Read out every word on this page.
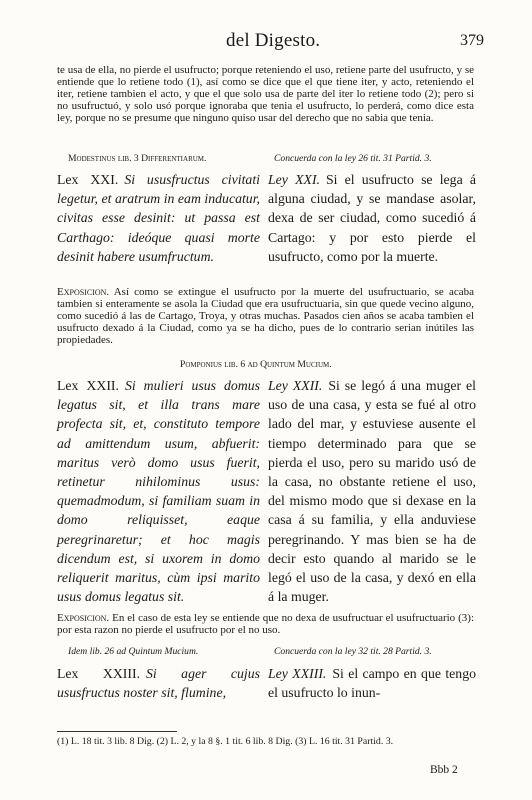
del Digesto.	379

te usa de ella, no pierde el usufructo; porque reteniendo el uso, retiene parte del usufructo, y se entiende que lo retiene todo (1), así como se dice que el que tiene iter, y acto, reteniendo el iter, retiene tambien el acto, y que el que solo usa de parte del iter lo retiene todo (2); pero si no usufructuó, y solo usó porque ignoraba que tenia el usufructo, lo perderá, como dice esta ley, porque no se presume que ninguno quiso usar del derecho que no sabia que tenia.

Modestinus lib. 3 Differentiarum.	Concuerda con la ley 26 tit. 31 Partid. 3.

Lex XXI. Si ususfructus civitati legetur, et aratrum in eam inducatur, civitas esse desinit: ut passa est Carthago: ideóque quasi morte desinit habere usumfructum.

Ley XXI. Si el usufructo se lega á alguna ciudad, y se mandase asolar, dexa de ser ciudad, como sucedió á Cartago: y por esto pierde el usufructo, como por la muerte.

Exposicion. Así como se extingue el usufructo por la muerte del usufructuario, se acaba tambien si enteramente se asola la Ciudad que era usufructuaria, sin que quede vecino alguno, como sucedió á las de Cartago, Troya, y otras muchas. Pasados cien años se acaba tambien el usufructo dexado á la Ciudad, como ya se ha dicho, pues de lo contrario serian inútiles las propiedades.

Pomponius lib. 6 ad Quintum Mucium.

Lex XXII. Si mulieri usus domus legatus sit, et illa trans mare profecta sit, et, constituto tempore ad amittendum usum, abfuerit: maritus verò domo usus fuerit, retinetur nihilominus usus: quemadmodum, si familiam suam in domo reliquisset, eaque peregrinaretur; et hoc magis dicendum est, si uxorem in domo reliquerit maritus, cùm ipsi marito usus domus legatus sit.

Ley XXII. Si se legó á una muger el uso de una casa, y esta se fué al otro lado del mar, y estuviese ausente el tiempo determinado para que se pierda el uso, pero su marido usó de la casa, no obstante retiene el uso, del mismo modo que si dexase en la casa á su familia, y ella anduviese peregrinando. Y mas bien se ha de decir esto quando al marido se le legó el uso de la casa, y dexó en ella á la muger.

Exposicion. En el caso de esta ley se entiende que no dexa de usufructuar el usufructuario (3): por esta razon no pierde el usufructo por el no uso.

Idem lib. 26 ad Quintum Mucium.	Concuerda con la ley 32 tit. 28 Partid. 3.

Lex XXIII. Si ager cujus ususfructus noster sit, flumine,

Ley XXIII. Si el campo en que tengo el usufructo lo inun-

(1) L. 18 tit. 3 lib. 8 Dig. (2) L. 2, y la 8 §. 1 tit. 6 lib. 8 Dig. (3) L. 16 tit. 31 Partid. 3.
Bbb 2
